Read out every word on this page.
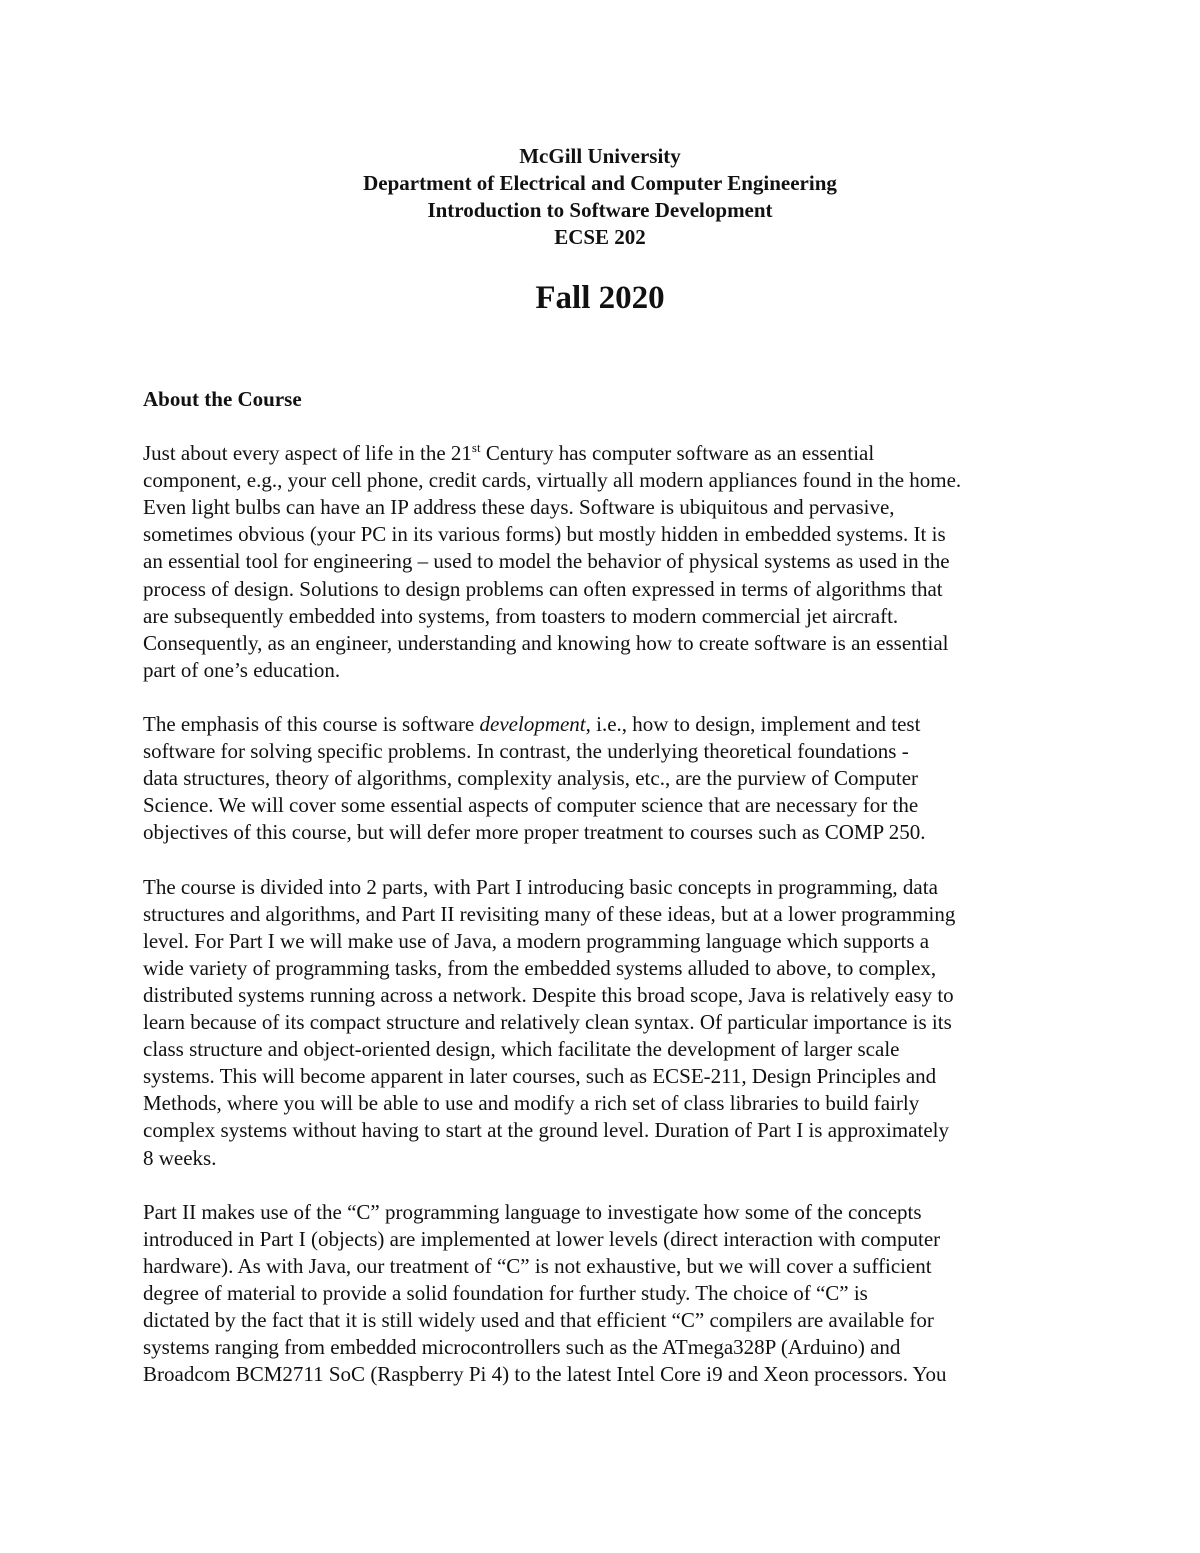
McGill University
Department of Electrical and Computer Engineering
Introduction to Software Development
ECSE 202
Fall 2020
About the Course
Just about every aspect of life in the 21st Century has computer software as an essential
component, e.g., your cell phone, credit cards, virtually all modern appliances found in the home.
Even light bulbs can have an IP address these days. Software is ubiquitous and pervasive,
sometimes obvious (your PC in its various forms) but mostly hidden in embedded systems. It is
an essential tool for engineering – used to model the behavior of physical systems as used in the
process of design. Solutions to design problems can often expressed in terms of algorithms that
are subsequently embedded into systems, from toasters to modern commercial jet aircraft.
Consequently, as an engineer, understanding and knowing how to create software is an essential
part of one’s education.
The emphasis of this course is software development, i.e., how to design, implement and test
software for solving specific problems. In contrast, the underlying theoretical foundations -
data structures, theory of algorithms, complexity analysis, etc., are the purview of Computer
Science. We will cover some essential aspects of computer science that are necessary for the
objectives of this course, but will defer more proper treatment to courses such as COMP 250.
The course is divided into 2 parts, with Part I introducing basic concepts in programming, data
structures and algorithms, and Part II revisiting many of these ideas, but at a lower programming
level. For Part I we will make use of Java, a modern programming language which supports a
wide variety of programming tasks, from the embedded systems alluded to above, to complex,
distributed systems running across a network. Despite this broad scope, Java is relatively easy to
learn because of its compact structure and relatively clean syntax. Of particular importance is its
class structure and object-oriented design, which facilitate the development of larger scale
systems. This will become apparent in later courses, such as ECSE-211, Design Principles and
Methods, where you will be able to use and modify a rich set of class libraries to build fairly
complex systems without having to start at the ground level. Duration of Part I is approximately
8 weeks.
Part II makes use of the “C” programming language to investigate how some of the concepts
introduced in Part I (objects) are implemented at lower levels (direct interaction with computer
hardware). As with Java, our treatment of “C” is not exhaustive, but we will cover a sufficient
degree of material to provide a solid foundation for further study. The choice of “C” is
dictated by the fact that it is still widely used and that efficient “C” compilers are available for
systems ranging from embedded microcontrollers such as the ATmega328P (Arduino) and
Broadcom BCM2711 SoC (Raspberry Pi 4) to the latest Intel Core i9 and Xeon processors. You
